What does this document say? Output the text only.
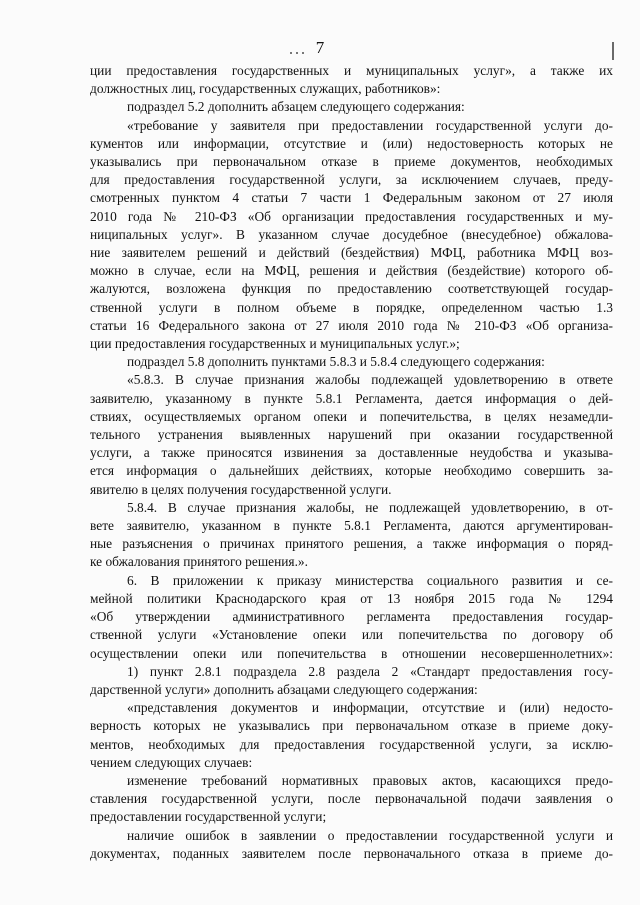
7
ции предоставления государственных и муниципальных услуг», а также их
должностных лиц, государственных служащих, работников»:
подраздел 5.2 дополнить абзацем следующего содержания:
«требование у заявителя при предоставлении государственной услуги до-
кументов или информации, отсутствие и (или) недостоверность которых не
указывались при первоначальном отказе в приеме документов, необходимых
для предоставления государственной услуги, за исключением случаев, преду-
смотренных пунктом 4 статьи 7 части 1 Федеральным законом от 27 июля
2010 года № 210-ФЗ «Об организации предоставления государственных и му-
ниципальных услуг». В указанном случае досудебное (внесудебное) обжалова-
ние заявителем решений и действий (бездействия) МФЦ, работника МФЦ воз-
можно в случае, если на МФЦ, решения и действия (бездействие) которого об-
жалуются, возложена функция по предоставлению соответствующей государ-
ственной услуги в полном объеме в порядке, определенном частью 1.3
статьи 16 Федерального закона от 27 июля 2010 года № 210-ФЗ «Об организа-
ции предоставления государственных и муниципальных услуг.»;
подраздел 5.8 дополнить пунктами 5.8.3 и 5.8.4 следующего содержания:
«5.8.3. В случае признания жалобы подлежащей удовлетворению в ответе
заявителю, указанному в пункте 5.8.1 Регламента, дается информация о дей-
ствиях, осуществляемых органом опеки и попечительства, в целях незамедли-
тельного устранения выявленных нарушений при оказании государственной
услуги, а также приносятся извинения за доставленные неудобства и указыва-
ется информация о дальнейших действиях, которые необходимо совершить за-
явителю в целях получения государственной услуги.
5.8.4. В случае признания жалобы, не подлежащей удовлетворению, в от-
вете заявителю, указанном в пункте 5.8.1 Регламента, даются аргументирован-
ные разъяснения о причинах принятого решения, а также информация о поряд-
ке обжалования принятого решения.».
6. В приложении к приказу министерства социального развития и се-
мейной политики Краснодарского края от 13 ноября 2015 года № 1294
«Об утверждении административного регламента предоставления государ-
ственной услуги «Установление опеки или попечительства по договору об
осуществлении опеки или попечительства в отношении несовершеннолетних»:
1) пункт 2.8.1 подраздела 2.8 раздела 2 «Стандарт предоставления госу-
дарственной услуги» дополнить абзацами следующего содержания:
«представления документов и информации, отсутствие и (или) недосто-
верность которых не указывались при первоначальном отказе в приеме доку-
ментов, необходимых для предоставления государственной услуги, за исклю-
чением следующих случаев:
изменение требований нормативных правовых актов, касающихся предо-
ставления государственной услуги, после первоначальной подачи заявления о
предоставлении государственной услуги;
наличие ошибок в заявлении о предоставлении государственной услуги и
документах, поданных заявителем после первоначального отказа в приеме до-
